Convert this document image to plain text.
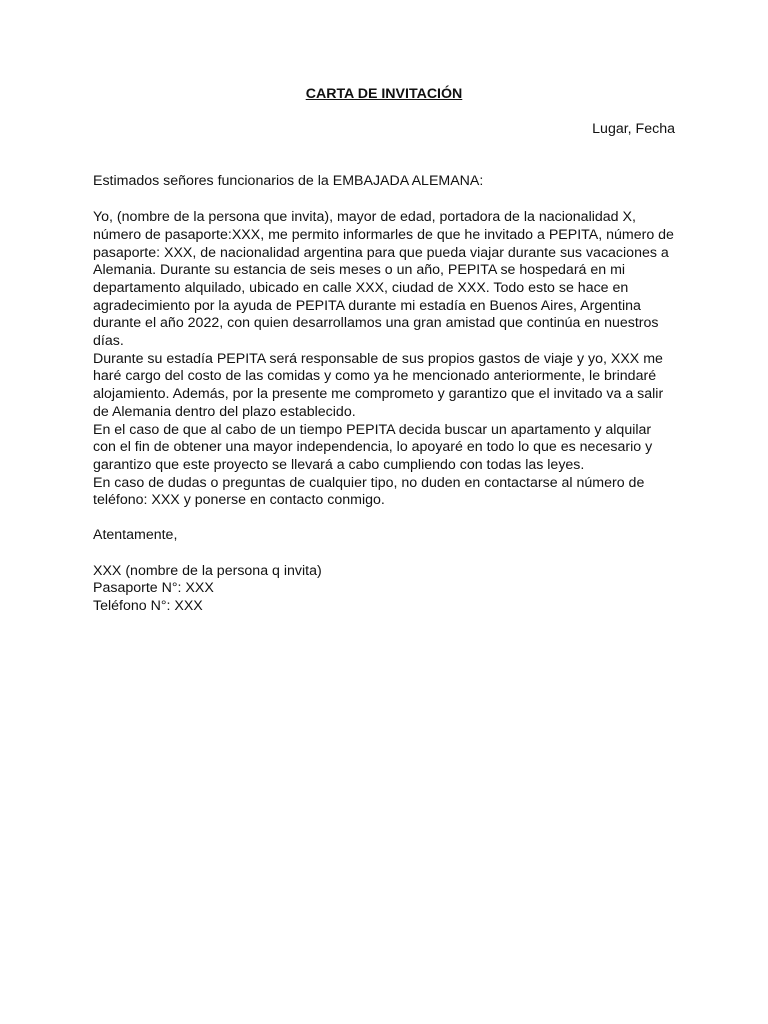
CARTA DE INVITACIÓN

Lugar, Fecha

Estimados señores funcionarios de la EMBAJADA ALEMANA:

Yo, (nombre de la persona que invita), mayor de edad, portadora de la nacionalidad X, número de pasaporte:XXX, me permito informarles de que he invitado a PEPITA, número de pasaporte: XXX, de nacionalidad argentina para que pueda viajar durante sus vacaciones a Alemania. Durante su estancia de seis meses o un año, PEPITA se hospedará en mi departamento alquilado, ubicado en calle XXX, ciudad de XXX. Todo esto se hace en agradecimiento por la ayuda de PEPITA durante mi estadía en Buenos Aires, Argentina durante el año 2022, con quien desarrollamos una gran amistad que continúa en nuestros días.

Durante su estadía PEPITA será responsable de sus propios gastos de viaje y yo, XXX me haré cargo del costo de las comidas y como ya he mencionado anteriormente, le brindaré alojamiento. Además, por la presente me comprometo y garantizo que el invitado va a salir de Alemania dentro del plazo establecido.

En el caso de que al cabo de un tiempo PEPITA decida buscar un apartamento y alquilar con el fin de obtener una mayor independencia, lo apoyaré en todo lo que es necesario y garantizo que este proyecto se llevará a cabo cumpliendo con todas las leyes.

En caso de dudas o preguntas de cualquier tipo, no duden en contactarse al número de teléfono: XXX y ponerse en contacto conmigo.

Atentamente,

XXX (nombre de la persona q invita)
Pasaporte N°: XXX
Teléfono N°: XXX
